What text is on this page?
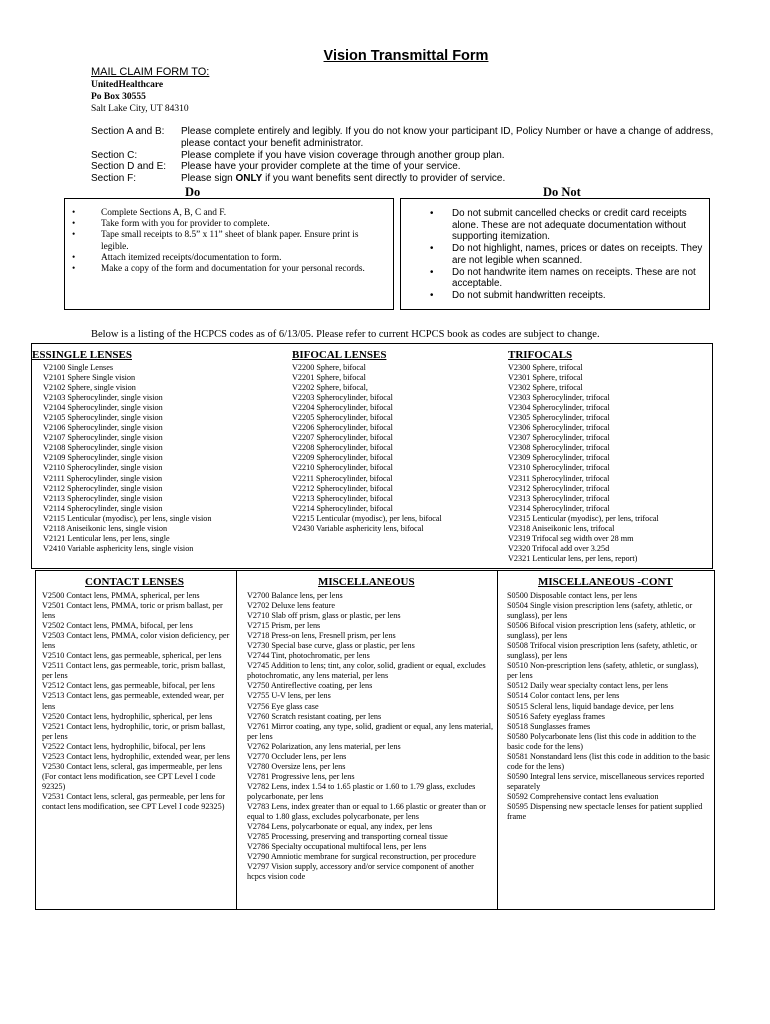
Vision Transmittal Form
MAIL CLAIM FORM TO:
UnitedHealthcare
Po Box 30555
Salt Lake City, UT 84310
Section A and B:	Please complete entirely and legibly. If you do not know your participant ID, Policy Number or have a change of address, please contact your benefit administrator.
Section C:	Please complete if you have vision coverage through another group plan.
Section D and E:	Please have your provider complete at the time of your service.
Section F:	Please sign ONLY if you want benefits sent directly to provider of service.
Do	Do Not
• Complete Sections A, B, C and F.
• Take form with you for provider to complete.
• Tape small receipts to 8.5” x 11” sheet of blank paper. Ensure print is legible.
• Attach itemized receipts/documentation to form.
• Make a copy of the form and documentation for your personal records.
• Do not submit cancelled checks or credit card receipts alone. These are not adequate documentation without supporting itemization.
• Do not highlight, names, prices or dates on receipts. They are not legible when scanned.
• Do not handwrite item names on receipts. These are not acceptable.
• Do not submit handwritten receipts.
Below is a listing of the HCPCS codes as of 6/13/05. Please refer to current HCPCS book as codes are subject to change.
ESSINGLE LENSES
V2100 Single Lenses
V2101 Sphere Single vision
V2102 Sphere, single vision
V2103 Spherocylinder, single vision
V2104 Spherocylinder, single vision
V2105 Spherocylinder, single vision
V2106 Spherocylinder, single vision
V2107 Spherocylinder, single vision
V2108 Spherocylinder, single vision
V2109 Spherocylinder, single vision
V2110 Spherocylinder, single vision
V2111 Spherocylinder, single vision
V2112 Spherocylinder, single vision
V2113 Spherocylinder, single vision
V2114 Spherocylinder, single vision
V2115 Lenticular (myodisc), per lens, single vision
V2118 Aniseikonic lens, single vision
V2121 Lenticular lens, per lens, single
V2410 Variable asphericity lens, single vision
BIFOCAL LENSES
V2200 Sphere, bifocal
V2201 Sphere, bifocal
V2202 Sphere, bifocal,
V2203 Spherocylinder, bifocal
V2204 Spherocylinder, bifocal
V2205 Spherocylinder, bifocal
V2206 Spherocylinder, bifocal
V2207 Spherocylinder, bifocal
V2208 Spherocylinder, bifocal
V2209 Spherocylinder, bifocal
V2210 Spherocylinder, bifocal
V2211 Spherocylinder, bifocal
V2212 Spherocylinder, bifocal
V2213 Spherocylinder, bifocal
V2214 Spherocylinder, bifocal
V2215 Lenticular (myodisc), per lens, bifocal
V2430 Variable asphericity lens, bifocal
TRIFOCALS
V2300 Sphere, trifocal
V2301 Sphere, trifocal
V2302 Sphere, trifocal
V2303 Spherocylinder, trifocal
V2304 Spherocylinder, trifocal
V2305 Spherocylinder, trifocal
V2306 Spherocylinder, trifocal
V2307 Spherocylinder, trifocal
V2308 Spherocylinder, trifocal
V2309 Spherocylinder, trifocal
V2310 Spherocylinder, trifocal
V2311 Spherocylinder, trifocal
V2312 Spherocylinder, trifocal
V2313 Spherocylinder, trifocal
V2314 Spherocylinder, trifocal
V2315 Lenticular (myodisc), per lens, trifocal
V2318 Aniseikonic lens, trifocal
V2319 Trifocal seg width over 28 mm
V2320 Trifocal add over 3.25d
V2321 Lenticular lens, per lens, report)
CONTACT LENSES
V2500 Contact lens, PMMA, spherical, per lens
V2501 Contact lens, PMMA, toric or prism ballast, per lens
V2502 Contact lens, PMMA, bifocal, per lens
V2503 Contact lens, PMMA, color vision deficiency, per lens
V2510 Contact lens, gas permeable, spherical, per lens
V2511 Contact lens, gas permeable, toric, prism ballast, per lens
V2512 Contact lens, gas permeable, bifocal, per lens
V2513 Contact lens, gas permeable, extended wear, per lens
V2520 Contact lens, hydrophilic, spherical, per lens
V2521 Contact lens, hydrophilic, toric, or prism ballast, per lens
V2522 Contact lens, hydrophilic, bifocal, per lens
V2523 Contact lens, hydrophilic, extended wear, per lens
V2530 Contact lens, scleral, gas impermeable, per lens
(For contact lens modification, see CPT Level I code 92325)
V2531 Contact lens, scleral, gas permeable, per lens for contact lens modification, see CPT Level I code 92325)
MISCELLANEOUS
V2700 Balance lens, per lens
V2702 Deluxe lens feature
V2710 Slab off prism, glass or plastic, per lens
V2715 Prism, per lens
V2718 Press-on lens, Fresnell prism, per lens
V2730 Special base curve, glass or plastic, per lens
V2744 Tint, photochromatic, per lens
V2745 Addition to lens; tint, any color, solid, gradient or equal, excludes photochromatic, any lens material, per lens
V2750 Antireflective coating, per lens
V2755 U-V lens, per lens
V2756 Eye glass case
V2760 Scratch resistant coating, per lens
V2761 Mirror coating, any type, solid, gradient or equal, any lens material, per lens
V2762 Polarization, any lens material, per lens
V2770 Occluder lens, per lens
V2780 Oversize lens, per lens
V2781 Progressive lens, per lens
V2782 Lens, index 1.54 to 1.65 plastic or 1.60 to 1.79 glass, excludes polycarbonate, per lens
V2783 Lens, index greater than or equal to 1.66 plastic or greater than or equal to 1.80 glass, excludes polycarbonate, per lens
V2784 Lens, polycarbonate or equal, any index, per lens
V2785 Processing, preserving and transporting corneal tissue
V2786 Specialty occupational multifocal lens, per lens
V2790 Amniotic membrane for surgical reconstruction, per procedure
V2797 Vision supply, accessory and/or service component of another hcpcs vision code
MISCELLANEOUS -CONT
S0500 Disposable contact lens, per lens
S0504 Single vision prescription lens (safety, athletic, or sunglass), per lens
S0506 Bifocal vision prescription lens (safety, athletic, or sunglass), per lens
S0508 Trifocal vision prescription lens (safety, athletic, or sunglass), per lens
S0510 Non-prescription lens (safety, athletic, or sunglass), per lens
S0512 Daily wear specialty contact lens, per lens
S0514 Color contact lens, per lens
S0515 Scleral lens, liquid bandage device, per lens
S0516 Safety eyeglass frames
S0518 Sunglasses frames
S0580 Polycarbonate lens (list this code in addition to the basic code for the lens)
S0581 Nonstandard lens (list this code in addition to the basic code for the lens)
S0590 Integral lens service, miscellaneous services reported separately
S0592 Comprehensive contact lens evaluation
S0595 Dispensing new spectacle lenses for patient supplied frame
